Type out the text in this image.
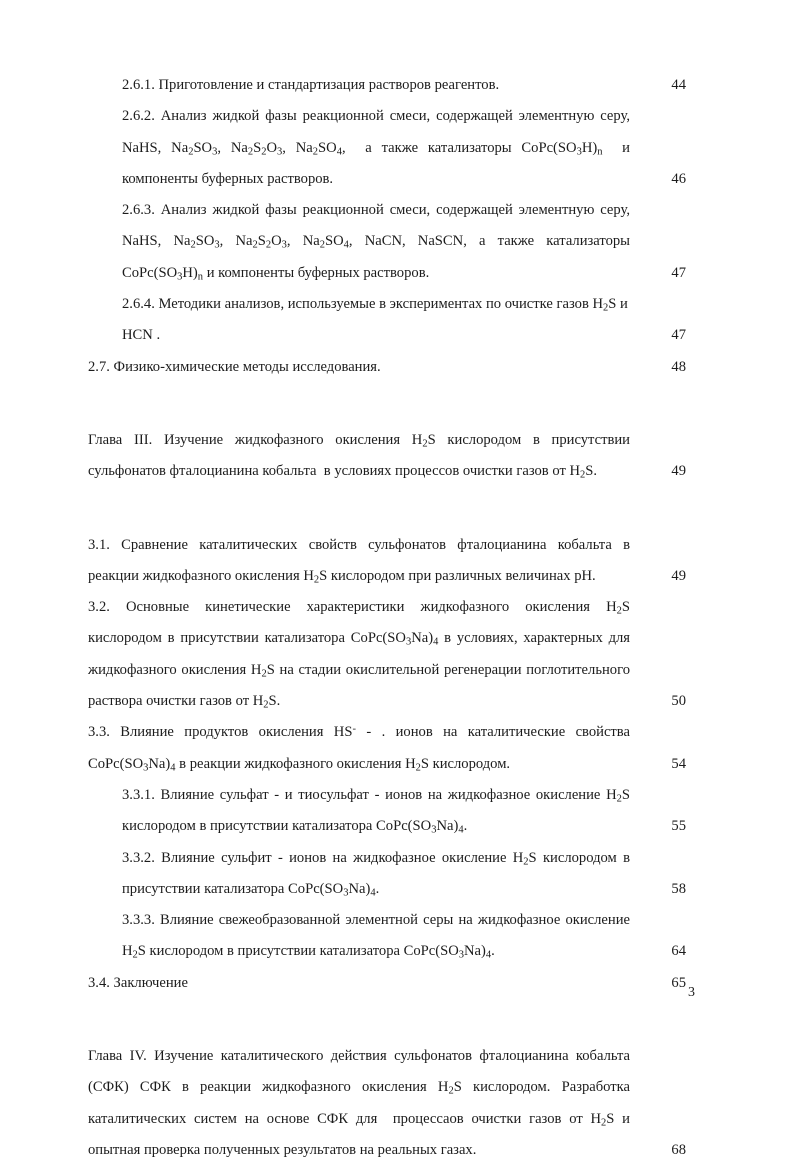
2.6.1. Приготовление и стандартизация растворов реагентов.	44
2.6.2. Анализ жидкой фазы реакционной смеси, содержащей элементную серу, NaHS, $Na_2SO_3$, $Na_2S_2O_3$, $Na_2SO_4$,  а также катализаторы $CoPc(SO_3H)_n$  и компоненты буферных растворов.	46
2.6.3. Анализ жидкой фазы реакционной смеси, содержащей элементную серу, NaHS, $Na_2SO_3$, $Na_2S_2O_3$, $Na_2SO_4$, NaCN, NaSCN, а также катализаторы $CoPc(SO_3H)_n$ и компоненты буферных растворов.	47
2.6.4. Методики анализов, используемые в экспериментах по очистке газов $H_2S$ и HCN .	47
2.7. Физико-химические методы исследования.	48
Глава III. Изучение жидкофазного окисления $H_2S$ кислородом в присутствии сульфонатов фталоцианина кобальта  в условиях процессов очистки газов от $H_2S$.	49
3.1. Сравнение каталитических свойств сульфонатов фталоцианина кобальта в реакции жидкофазного окисления $H_2S$ кислородом при различных величинах pH.	49
3.2. Основные кинетические характеристики жидкофазного окисления $H_2S$ кислородом в присутствии катализатора $CoPc(SO_3Na)_4$ в условиях, характерных для жидкофазного окисления $H_2S$ на стадии окислительной регенерации поглотительного раствора очистки газов от $H_2S$.	50
3.3. Влияние продуктов окисления HS- - . ионов на каталитические свойства $CoPc(SO_3Na)_4$ в реакции жидкофазного окисления $H_2S$ кислородом.	54
3.3.1. Влияние сульфат - и тиосульфат - ионов на жидкофазное окисление $H_2S$ кислородом в присутствии катализатора $CoPc(SO_3Na)_4$.	55
3.3.2. Влияние сульфит - ионов на жидкофазное окисление $H_2S$ кислородом в присутствии катализатора $CoPc(SO_3Na)_4$.	58
3.3.3. Влияние свежеобразованной элементной серы на жидкофазное окисление $H_2S$ кислородом в присутствии катализатора $CoPc(SO_3Na)_4$.	64
3.4. Заключение	65
Глава IV. Изучение каталитического действия сульфонатов фталоцианина кобальта (СФК) СФК в реакции жидкофазного окисления $H_2S$ кислородом. Разработка каталитических систем на основе СФК для  процессаов очистки газов от $H_2S$ и опытная проверка полученных результатов на реальных газах.	68
3
